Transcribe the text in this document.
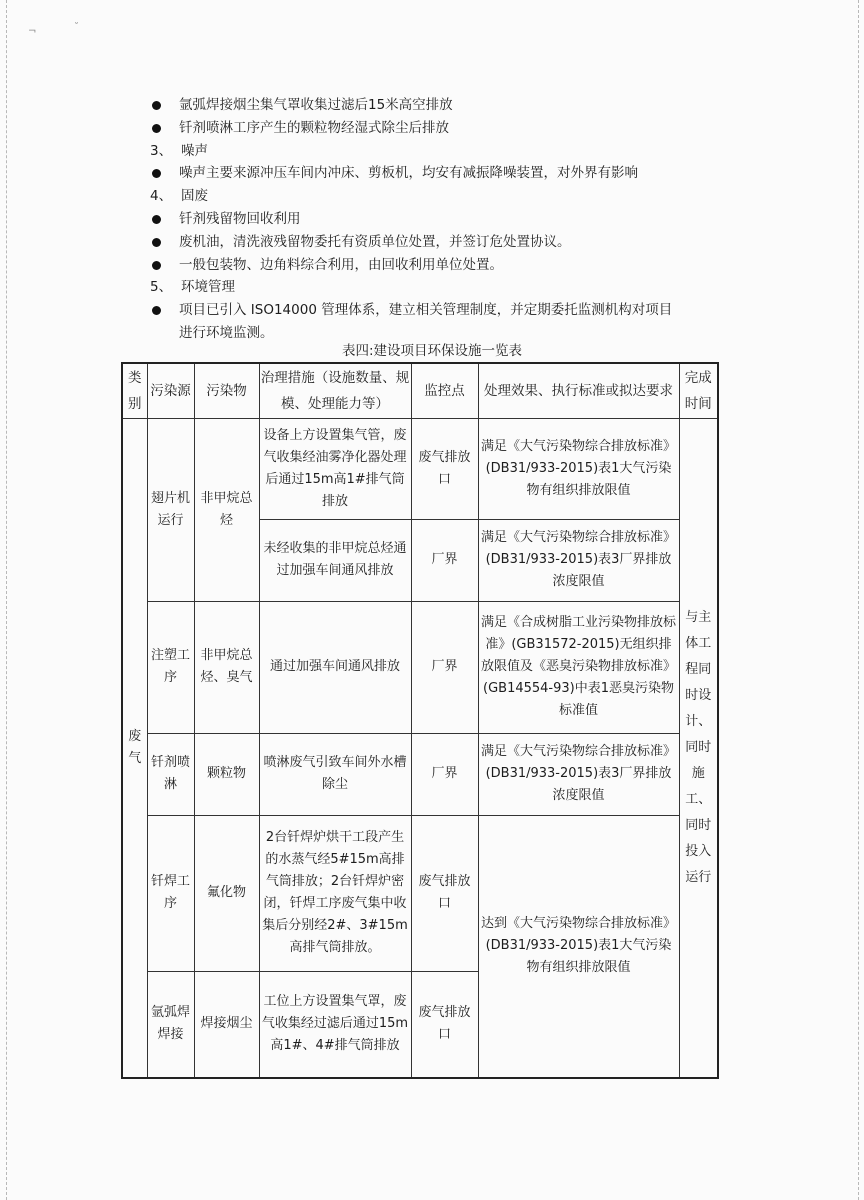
¬	˘
氩弧焊接烟尘集气罩收集过滤后15米高空排放
钎剂喷淋工序产生的颗粒物经湿式除尘后排放
3、 噪声
噪声主要来源冲压车间内冲床、剪板机，均安有减振降噪装置，对外界有影响
4、 固废
钎剂残留物回收利用
废机油，清洗液残留物委托有资质单位处置，并签订危处置协议。
一般包装物、边角料综合利用，由回收利用单位处置。
5、 环境管理
项目已引入 ISO14000 管理体系，建立相关管理制度，并定期委托监测机构对项目
进行环境监测。
表四:建设项目环保设施一览表
类别	污染源	污染物	治理措施（设施数量、规模、处理能力等）	监控点	处理效果、执行标准或拟达要求	完成时间
废气	翅片机运行	非甲烷总烃	设备上方设置集气管，废气收集经油雾净化器处理后通过15m高1#排气筒排放	废气排放口	满足《大气污染物综合排放标准》(DB31/933-2015)表1大气污染物有组织排放限值	与主体工程同时设计、同时施工、同时投入运行
			未经收集的非甲烷总烃通过加强车间通风排放	厂界	满足《大气污染物综合排放标准》(DB31/933-2015)表3厂界排放浓度限值	
	注塑工序	非甲烷总烃、臭气	通过加强车间通风排放	厂界	满足《合成树脂工业污染物排放标准》(GB31572-2015)无组织排放限值及《恶臭污染物排放标准》(GB14554-93)中表1恶臭污染物标准值	
	钎剂喷淋	颗粒物	喷淋废气引致车间外水槽除尘	厂界	满足《大气污染物综合排放标准》(DB31/933-2015)表3厂界排放浓度限值	
	钎焊工序	氟化物	2台钎焊炉烘干工段产生的水蒸气经5#15m高排气筒排放；2台钎焊炉密闭，钎焊工序废气集中收集后分别经2#、3#15m高排气筒排放。	废气排放口	达到《大气污染物综合排放标准》(DB31/933-2015)表1大气污染物有组织排放限值	
	氩弧焊焊接	焊接烟尘	工位上方设置集气罩，废气收集经过滤后通过15m高1#、4#排气筒排放	废气排放口		
